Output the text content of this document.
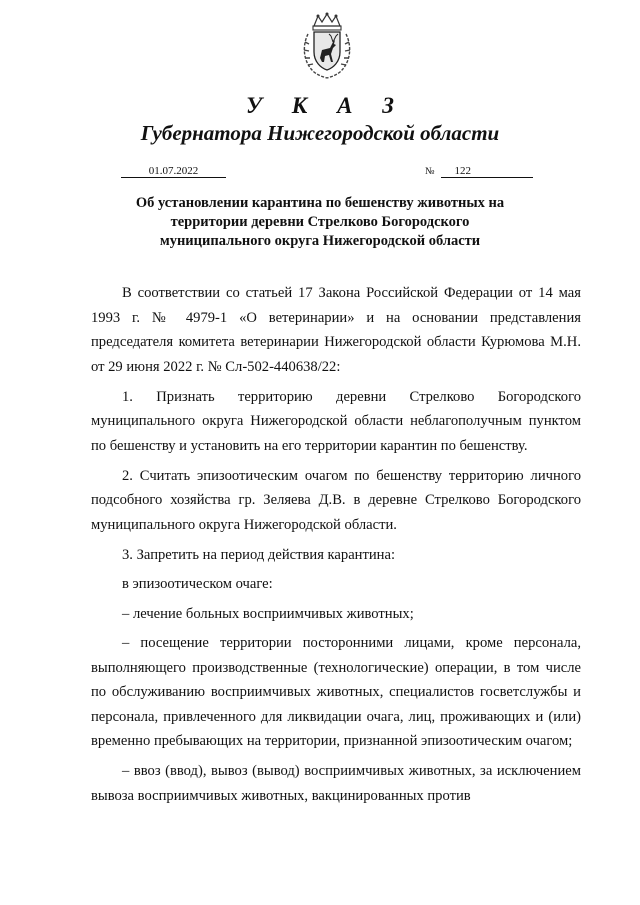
У К А З
Губернатора Нижегородской области
01.07.2022	№ 122
Об установлении карантина по бешенству животных на
территории деревни Стрелково Богородского
муниципального округа Нижегородской области

В соответствии со статьей 17 Закона Российской Федерации от 14 мая 1993 г. № 4979-1 «О ветеринарии» и на основании представления председателя комитета ветеринарии Нижегородской области Курюмова М.Н. от 29 июня 2022 г. № Сл-502-440638/22:

1. Признать территорию деревни Стрелково Богородского муниципального округа Нижегородской области неблагополучным пунктом по бешенству и установить на его территории карантин по бешенству.

2. Считать эпизоотическим очагом по бешенству территорию личного подсобного хозяйства гр. Зеляева Д.В. в деревне Стрелково Богородского муниципального округа Нижегородской области.

3. Запретить на период действия карантина:

в эпизоотическом очаге:

– лечение больных восприимчивых животных;

– посещение территории посторонними лицами, кроме персонала, выполняющего производственные (технологические) операции, в том числе по обслуживанию восприимчивых животных, специалистов госветслужбы и персонала, привлеченного для ликвидации очага, лиц, проживающих и (или) временно пребывающих на территории, признанной эпизоотическим очагом;

– ввоз (ввод), вывоз (вывод) восприимчивых животных, за исключением вывоза восприимчивых животных, вакцинированных против
